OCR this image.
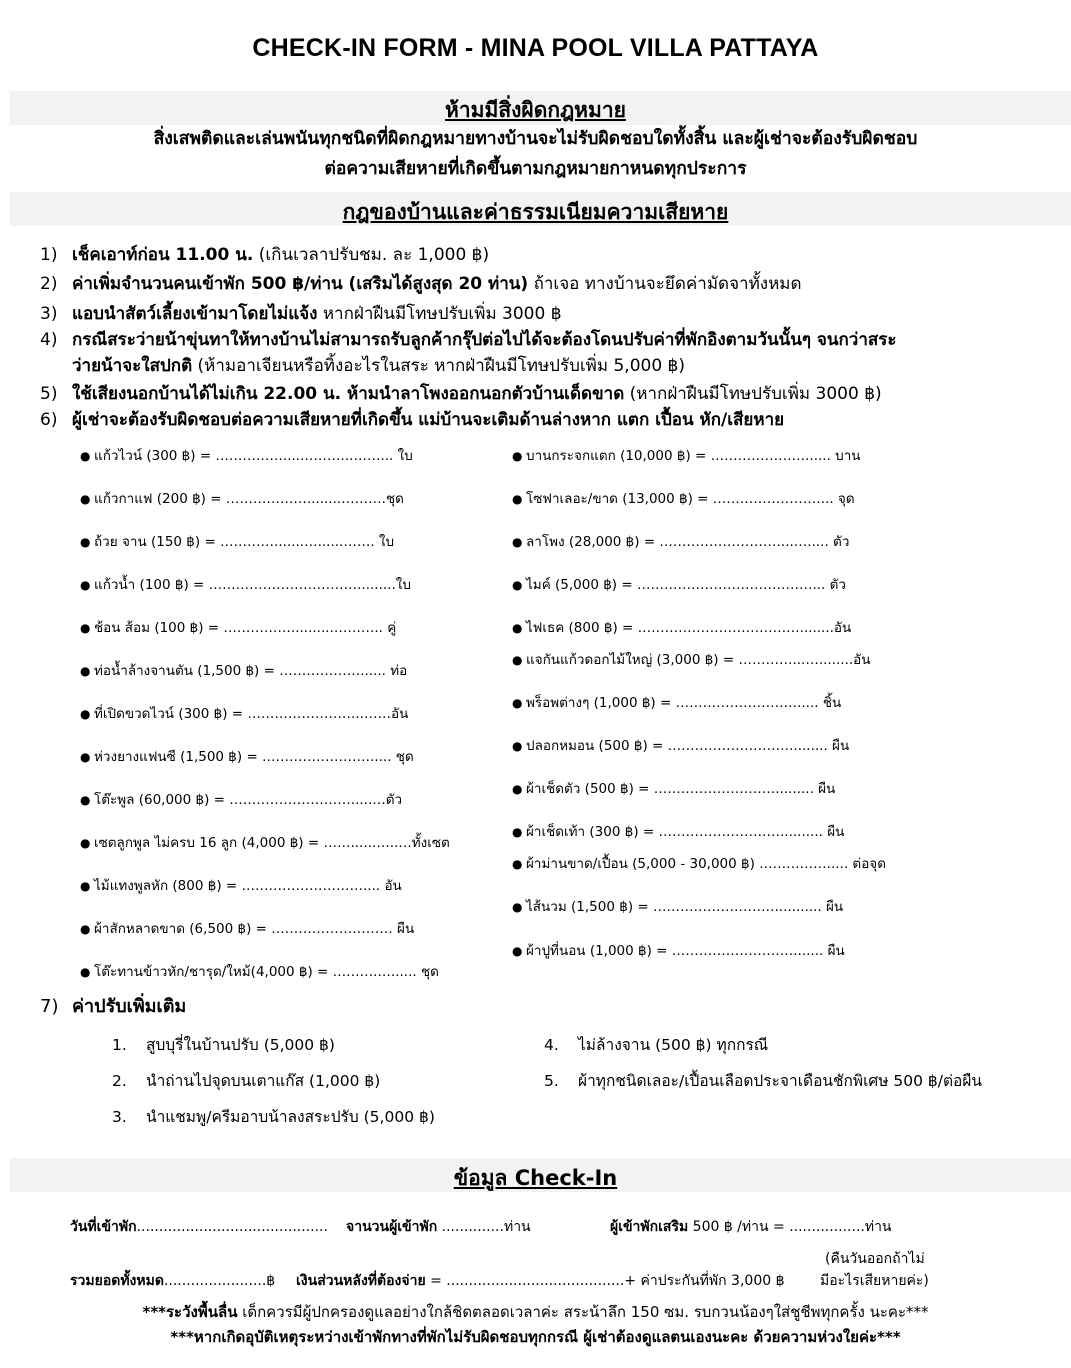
CHECK-IN FORM - MINA POOL VILLA PATTAYA
ห้ามมีสิ่งผิดกฎหมาย
สิ่งเสพติดและเล่นพนันทุกชนิดที่ผิดกฎหมายทางบ้านจะไม่รับผิดชอบใดทั้งสิ้น และผู้เช่าจะต้องรับผิดชอบ
ต่อความเสียหายที่เกิดขึ้นตามกฎหมายกาหนดทุกประการ
กฎของบ้านและค่าธรรมเนียมความเสียหาย
1) เช็คเอาท์ก่อน 11.00 น. (เกินเวลาปรับชม. ละ 1,000 ฿)
2) ค่าเพิ่มจำนวนคนเข้าพัก 500 ฿/ท่าน (เสริมได้สูงสุด 20 ท่าน) ถ้าเจอ ทางบ้านจะยึดค่ามัดจาทั้งหมด
3) แอบนำสัตว์เลี้ยงเข้ามาโดยไม่แจ้ง หากฝ่าฝืนมีโทษปรับเพิ่ม 3000 ฿
4) กรณีสระว่ายน้าขุ่นทาให้ทางบ้านไม่สามารถรับลูกค้ากรุ๊ปต่อไปได้จะต้องโดนปรับค่าที่พักอิงตามวันนั้นๆ จนกว่าสระ
ว่ายน้าจะใสปกติ (ห้ามอาเจียนหรือทิ้งอะไรในสระ หากฝ่าฝืนมีโทษปรับเพิ่ม 5,000 ฿)
5) ใช้เสียงนอกบ้านได้ไม่เกิน 22.00 น. ห้ามนำลาโพงออกนอกตัวบ้านเด็ดขาด (หากฝ่าฝืนมีโทษปรับเพิ่ม 3000 ฿)
6) ผู้เช่าจะต้องรับผิดชอบต่อความเสียหายที่เกิดขึ้น แม่บ้านจะเติมด้านล่างหาก แตก เปื้อน หัก/เสียหาย
● แก้วไวน์ (300 ฿) = …………….....………..……... ใบ
● แก้วกาแฟ (200 ฿) = ………………........……….ชุด
● ถ้วย จาน (150 ฿) = ………….......…......……. ใบ
● แก้วน้ำ (100 ฿) = …………………………….........ใบ
● ช้อน ส้อม (100 ฿) = ……………..........……….. คู่
● ท่อน้ำล้างจานตัน (1,500 ฿) = ………………...... ท่อ
● ที่เปิดขวดไวน์ (300 ฿) = ……………………..……อัน
● ห่วงยางแฟนซี (1,500 ฿) = ……………………..... ชุด
● โต๊ะพูล (60,000 ฿) = ……………………….....…ตัว
● เซตลูกพูล ไม่ครบ 16 ลูก (4,000 ฿) = …….....…...…ทั้งเซต
● ไม้แทงพูลหัก (800 ฿) = ……………………….... อัน
● ผ้าสักหลาดขาด (6,500 ฿) = ……………………… ผืน
● โต๊ะทานข้าวหัก/ชารุด/ใหม้(4,000 ฿) = ……….…...... ชุด
● บานกระจกแตก (10,000 ฿) = …………………...... บาน
● โซฟาเลอะ/ขาด (13,000 ฿) = ……………………... จุด
● ลาโพง (28,000 ฿) = ………………………...…..... ตัว
● ไมค์ (5,000 ฿) = …………………………………... ตัว
● ไฟเธค (800 ฿) = ………………………………........อัน
● แจกันแก้วดอกไม้ใหญ่ (3,000 ฿) = …………...…........อัน
● พร็อพต่างๆ (1,000 ฿) = ………………………..... ชิ้น
● ปลอกหมอน (500 ฿) = ………………………......... ผืน
● ผ้าเช็ดตัว (500 ฿) = ………………………......... ผืน
● ผ้าเช็ดเท้า (300 ฿) = ……………………….......... ผืน
● ผ้าม่านขาด/เปื้อน (5,000 - 30,000 ฿) ……………..... ต่อจุด
● ไส้นวม (1,500 ฿) = ………………………........... ผืน
● ผ้าปูที่นอน (1,000 ฿) = ………………………....... ผืน
7) ค่าปรับเพิ่มเติม
1. สูบบุรี่ในบ้านปรับ (5,000 ฿)
2. นำถ่านไปจุดบนเตาแก๊ส (1,000 ฿)
3. นำแชมพู/ครีมอาบน้าลงสระปรับ (5,000 ฿)
4. ไม่ล้างจาน (500 ฿) ทุกกรณี
5. ผ้าทุกชนิดเลอะ/เปื้อนเลือดประจาเดือนชักพิเศษ 500 ฿/ต่อผืน
ข้อมูล Check-In
วันที่เข้าพัก........................................... จานวนผู้เข้าพัก ..............ท่าน	ผู้เข้าพักเสริม 500 ฿ /ท่าน = .................ท่าน
(คืนวันออกถ้าไม่
รวมยอดทั้งหมด.......................฿ เงินส่วนหลังที่ต้องจ่าย = ........................................+ ค่าประกันที่พัก 3,000 ฿	มีอะไรเสียหายค่ะ)
***ระวังพื้นลื่น เด็กควรมีผู้ปกครองดูแลอย่างใกล้ชิดตลอดเวลาค่ะ สระน้าลึก 150 ซม. รบกวนน้องๆใส่ชูชีพทุกครั้ง นะคะ***
***หากเกิดอุบัติเหตุระหว่างเข้าพักทางที่พักไม่รับผิดชอบทุกกรณี ผู้เช่าต้องดูแลตนเองนะคะ ด้วยความห่วงใยค่ะ***
